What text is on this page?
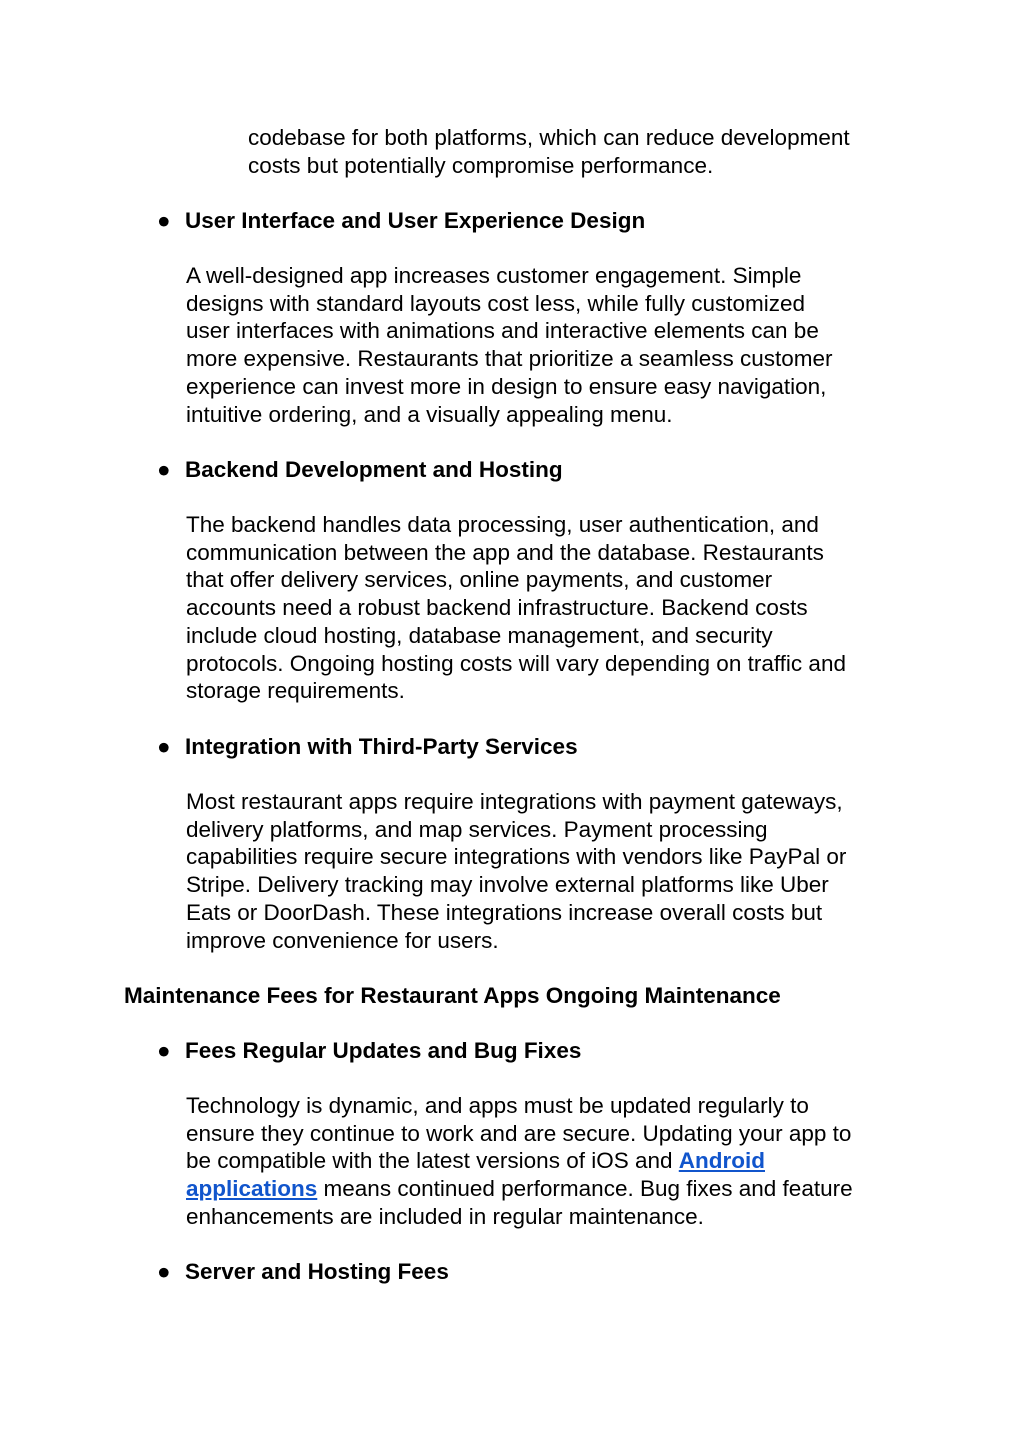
codebase for both platforms, which can reduce development
costs but potentially compromise performance.

● User Interface and User Experience Design

A well-designed app increases customer engagement. Simple
designs with standard layouts cost less, while fully customized
user interfaces with animations and interactive elements can be
more expensive. Restaurants that prioritize a seamless customer
experience can invest more in design to ensure easy navigation,
intuitive ordering, and a visually appealing menu.

● Backend Development and Hosting

The backend handles data processing, user authentication, and
communication between the app and the database. Restaurants
that offer delivery services, online payments, and customer
accounts need a robust backend infrastructure. Backend costs
include cloud hosting, database management, and security
protocols. Ongoing hosting costs will vary depending on traffic and
storage requirements.

● Integration with Third-Party Services

Most restaurant apps require integrations with payment gateways,
delivery platforms, and map services. Payment processing
capabilities require secure integrations with vendors like PayPal or
Stripe. Delivery tracking may involve external platforms like Uber
Eats or DoorDash. These integrations increase overall costs but
improve convenience for users.

Maintenance Fees for Restaurant Apps Ongoing Maintenance

● Fees Regular Updates and Bug Fixes

Technology is dynamic, and apps must be updated regularly to
ensure they continue to work and are secure. Updating your app to
be compatible with the latest versions of iOS and Android
applications means continued performance. Bug fixes and feature
enhancements are included in regular maintenance.

● Server and Hosting Fees
